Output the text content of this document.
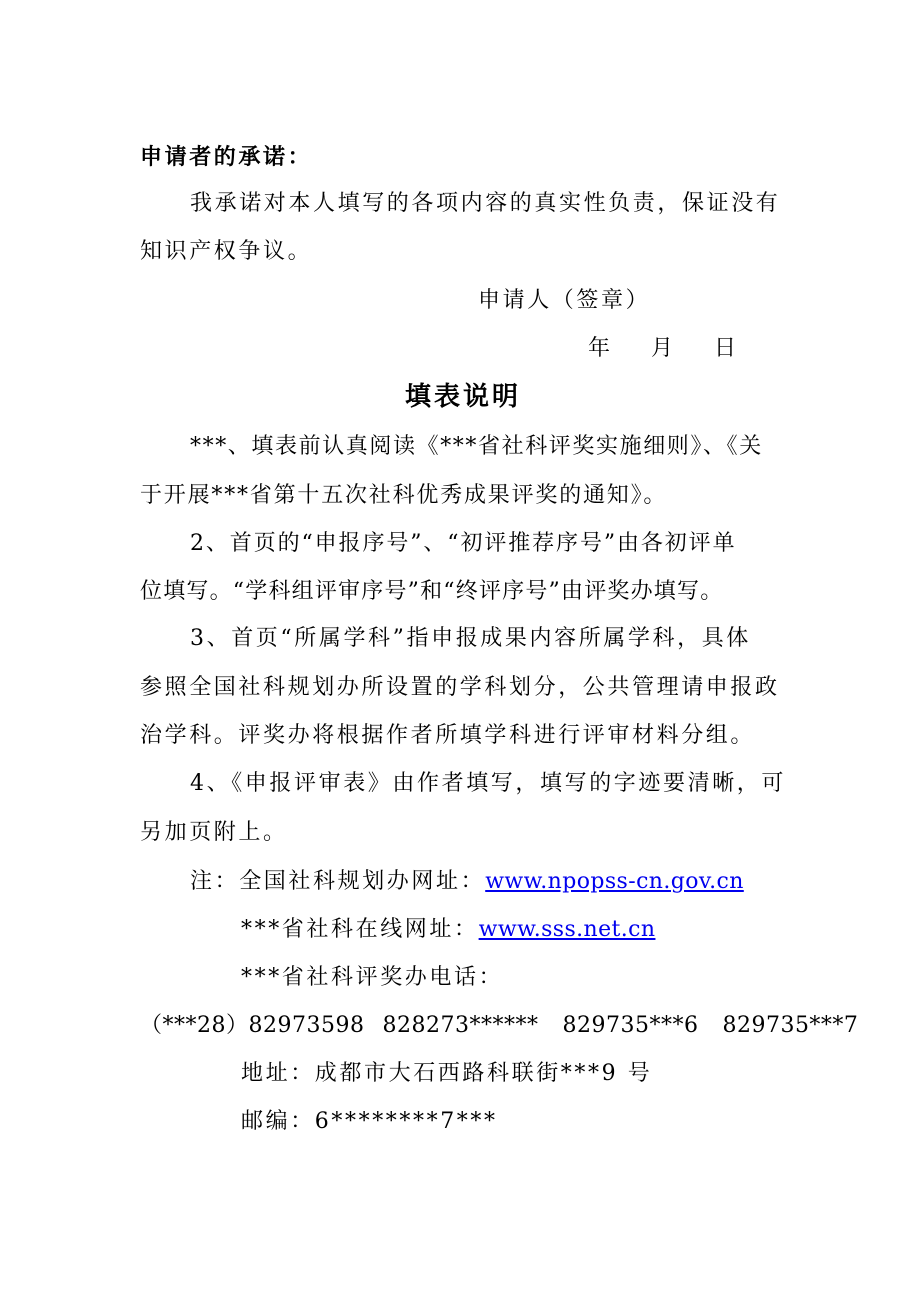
申请者的承诺：
我承诺对本人填写的各项内容的真实性负责，保证没有
知识产权争议。
申请人（签章）
年    月    日
填表说明
***、填表前认真阅读《***省社科评奖实施细则》、《关
于开展***省第十五次社科优秀成果评奖的通知》。
2、首页的“申报序号”、“初评推荐序号”由各初评单
位填写。“学科组评审序号”和“终评序号”由评奖办填写。
3、首页“所属学科”指申报成果内容所属学科，具体
参照全国社科规划办所设置的学科划分，公共管理请申报政
治学科。评奖办将根据作者所填学科进行评审材料分组。
4、《申报评审表》由作者填写，填写的字迹要清晰，可
另加页附上。
注：全国社科规划办网址：www.npopss-cn.gov.cn
***省社科在线网址：www.sss.net.cn
***省社科评奖办电话：
（***28）82973598 828273****** 829735***6 829735***7
地址：成都市大石西路科联街***9 号
邮编：6********7***
